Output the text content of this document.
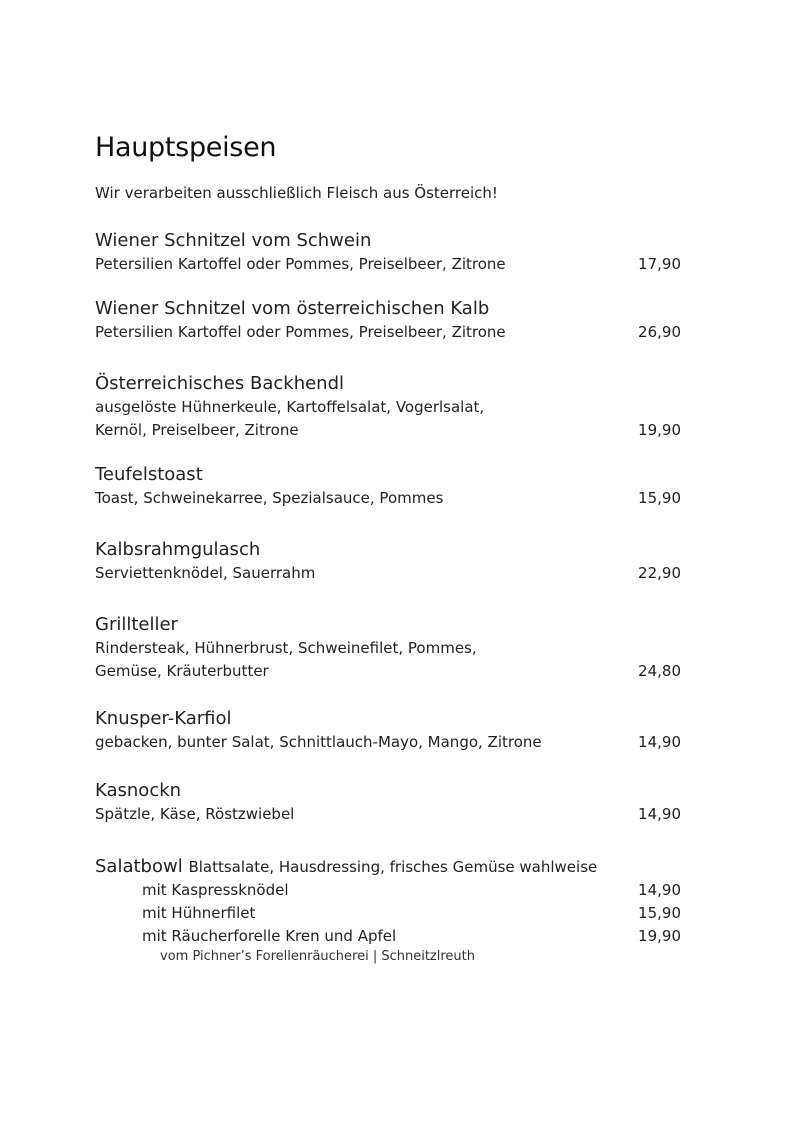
Hauptspeisen
Wir verarbeiten ausschließlich Fleisch aus Österreich!
Wiener Schnitzel vom Schwein
Petersilien Kartoffel oder Pommes, Preiselbeer, Zitrone	17,90
Wiener Schnitzel vom österreichischen Kalb
Petersilien Kartoffel oder Pommes, Preiselbeer, Zitrone	26,90
Österreichisches Backhendl
ausgelöste Hühnerkeule, Kartoffelsalat, Vogerlsalat,
Kernöl, Preiselbeer, Zitrone	19,90
Teufelstoast
Toast, Schweinekarree, Spezialsauce, Pommes	15,90
Kalbsrahmgulasch
Serviettenknödel, Sauerrahm	22,90
Grillteller
Rindersteak, Hühnerbrust, Schweinefilet, Pommes,
Gemüse, Kräuterbutter	24,80
Knusper-Karfiol
gebacken, bunter Salat, Schnittlauch-Mayo, Mango, Zitrone	14,90
Kasnockn
Spätzle, Käse, Röstzwiebel	14,90
Salatbowl Blattsalate, Hausdressing, frisches Gemüse wahlweise
mit Kaspressknödel	14,90
mit Hühnerfilet	15,90
mit Räucherforelle Kren und Apfel	19,90
vom Pichner’s Forellenräucherei | Schneitzlreuth
